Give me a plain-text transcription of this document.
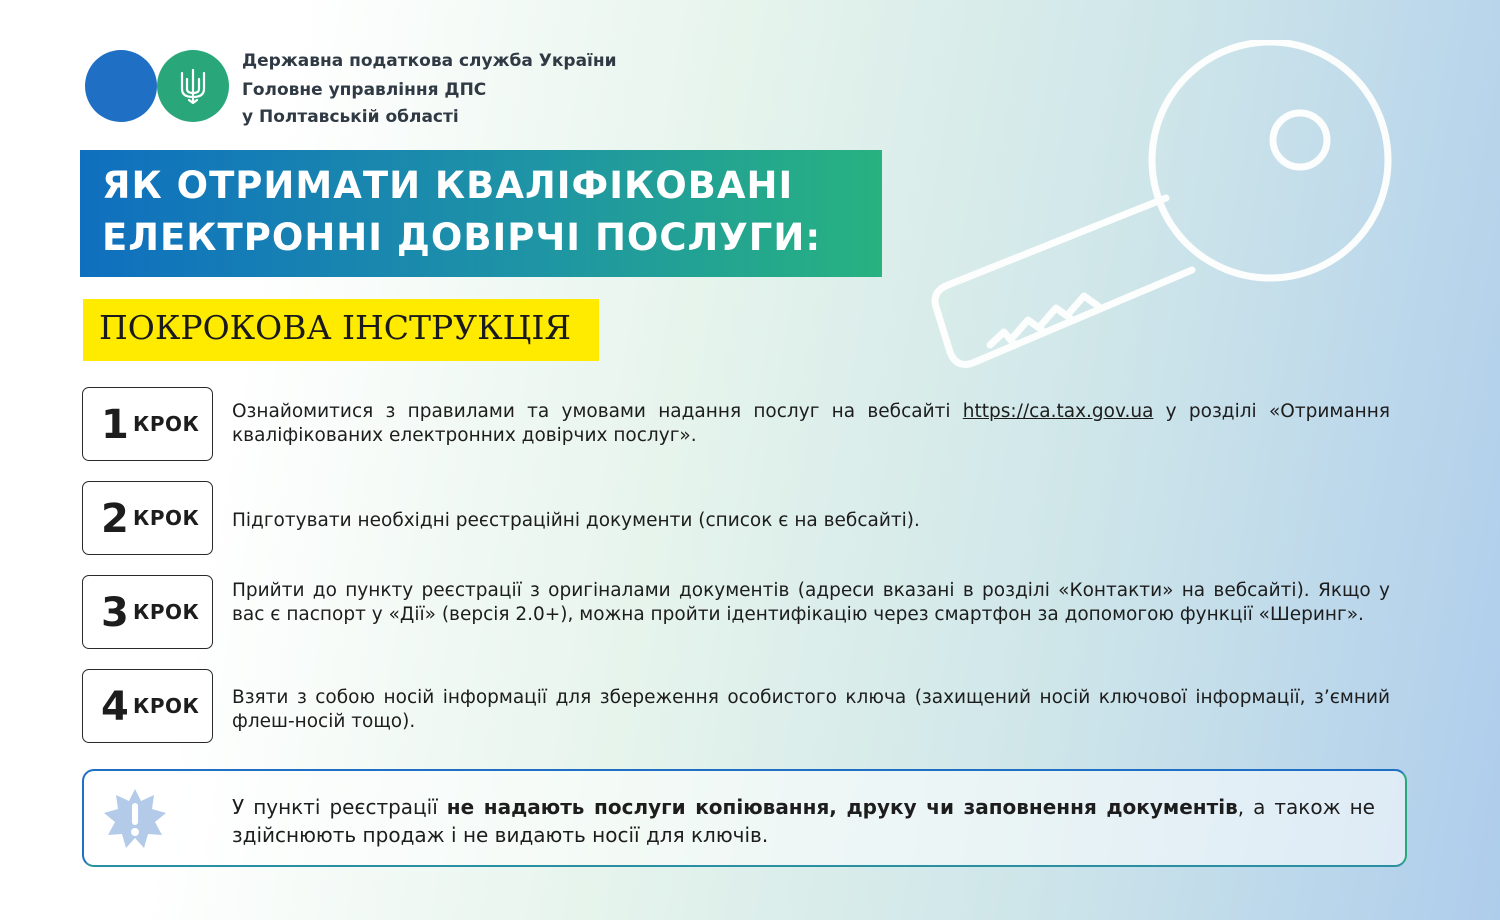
Державна податкова служба України
Головне управління ДПС
у Полтавській області
ЯК ОТРИМАТИ КВАЛІФІКОВАНІ
ЕЛЕКТРОННІ ДОВІРЧІ ПОСЛУГИ:
ПОКРОКОВА ІНСТРУКЦІЯ
1 КРОК
Ознайомитися з правилами та умовами надання послуг на вебсайті https://ca.tax.gov.ua у розділі «Отримання кваліфікованих електронних довірчих послуг».
2 КРОК Підготувати необхідні реєстраційні документи (список є на вебсайті).
3 КРОК
Прийти до пункту реєстрації з оригіналами документів (адреси вказані в розділі «Контакти» на вебсайті). Якщо у вас є паспорт у «Дії» (версія 2.0+), можна пройти ідентифікацію через смартфон за допомогою функції «Шеринг».
4 КРОК Взяти з собою носій інформації для збереження особистого ключа (захищений носій ключової інформації, з’ємний флеш-носій тощо).
У пункті реєстрації не надають послуги копіювання, друку чи заповнення документів, а також не здійснюють продаж і не видають носії для ключів.
